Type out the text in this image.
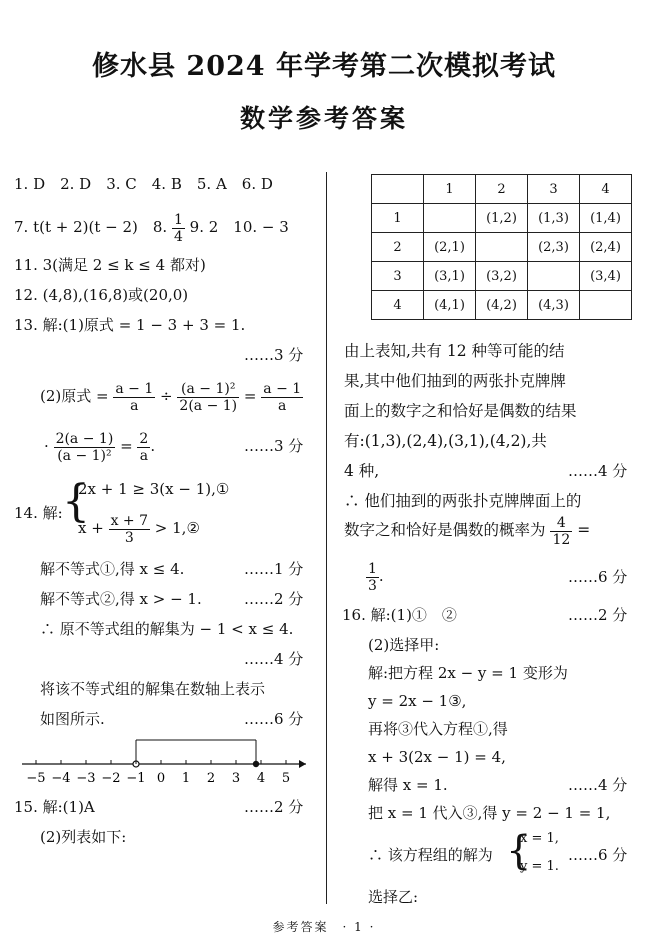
修水县 2024 年学考第二次模拟考试
数学参考答案
1. D　2. D　3. C　4. B　5. A　6. D
7. t(t + 2)(t − 2)　8. $\frac{1}{4} 9$. 2　10. − 3
11. 3(满足 2 ≤ k ≤ 4 都对)
12. (4,8),(16,8)或(20,0)
13. 解:(1)原式 = 1 − 3 + 3 = 1.
……3 分
(2)原式 = $\frac{a - 1}{a} \div \frac{\text{(a − 1)²}}{2(a - 1)} = \frac{a - 1}{a}$
· $\frac{2(a - 1)}{\text{(a − 1)²}} = \frac{2}{a}$ .	……3 分
14. 解: {
2x + 1 ≥ 3(x − 1),①
$x + \frac{x + 7}{3}$ > 1,②
解不等式①,得 x ≤ 4.	……1 分
解不等式②,得 x > − 1.	……2 分
∴ 原不等式组的解集为 − 1 < x ≤ 4.
……4 分
将该不等式组的解集在数轴上表示
如图所示.	……6 分
−5 −4 −3 −2 −1 0 1 2 3 4 5
15. 解:(1)A	……2 分
(2)列表如下:
	1	2	3	4
1		(1,2)	(1,3)	(1,4)
2	(2,1)		(2,3)	(2,4)
3	(3,1)	(3,2)		(3,4)
4	(4,1)	(4,2)	(4,3)	
由上表知,共有 12 种等可能的结
果,其中他们抽到的两张扑克牌牌
面上的数字之和恰好是偶数的结果
有:(1,3),(2,4),(3,1),(4,2),共
4 种,	……4 分
∴ 他们抽到的两张扑克牌牌面上的
数字之和恰好是偶数的概率为 $\frac{4}{12}$ =
$\frac{1}{3}$ .	……6 分
16. 解:(1)①　②	……2 分
(2)选择甲:
解:把方程 2x − y = 1 变形为
y = 2x − 1③,
再将③代入方程①,得
x + 3(2x − 1) = 4,
解得 x = 1.	……4 分
把 x = 1 代入③,得 y = 2 − 1 = 1,
∴ 该方程组的解为 {
x = 1,
y = 1.
……6 分
选择乙:
参考答案　· 1 ·
